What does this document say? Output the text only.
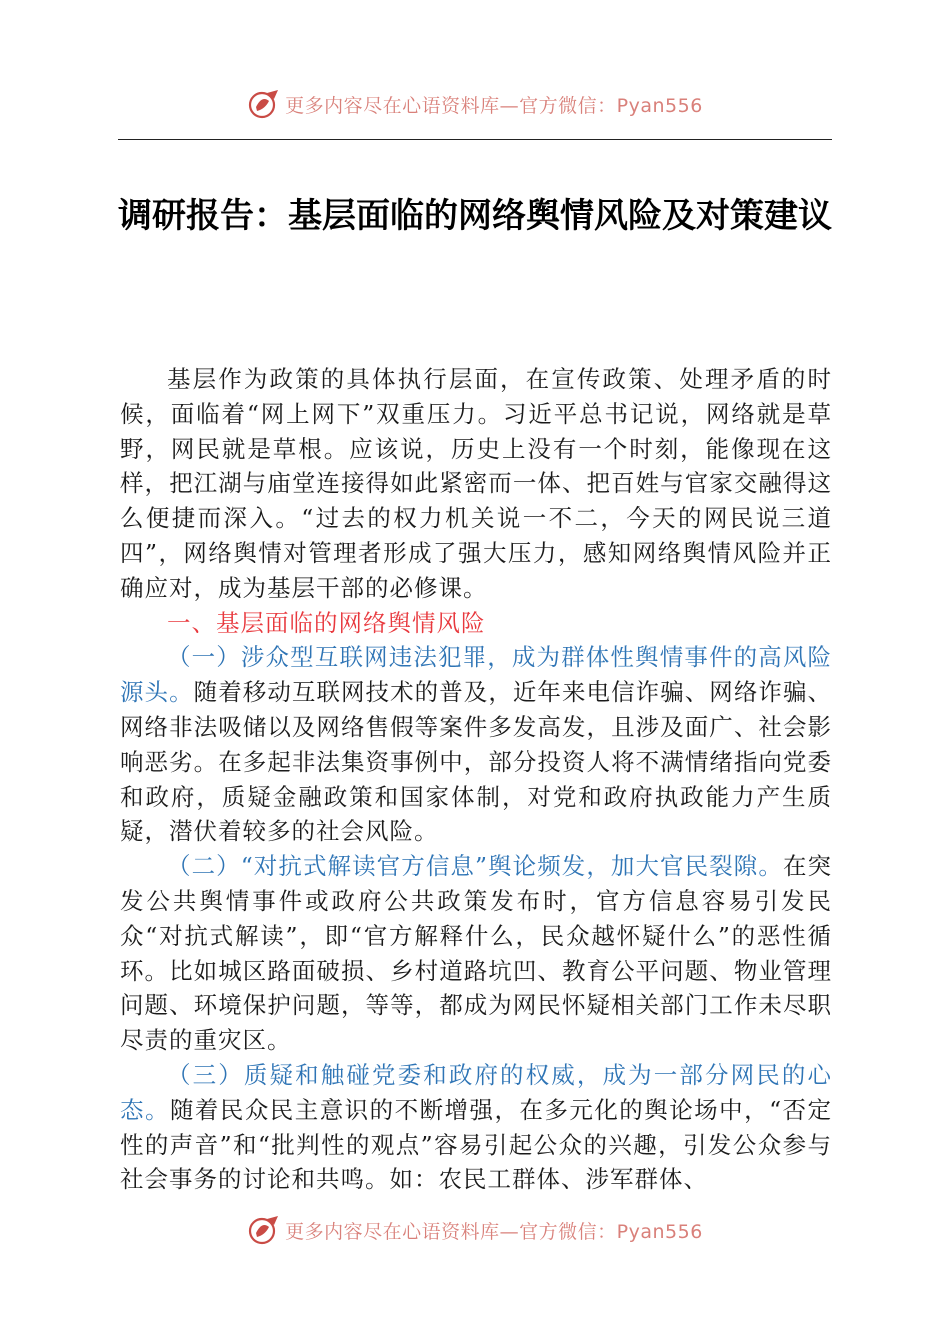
更多内容尽在心语资料库—官方微信：Pyan556
调研报告：基层面临的网络舆情风险及对策建议

基层作为政策的具体执行层面，在宣传政策、处理矛盾的时候，面临着“网上网下”双重压力。习近平总书记说，网络就是草野，网民就是草根。应该说，历史上没有一个时刻，能像现在这样，把江湖与庙堂连接得如此紧密而一体、把百姓与官家交融得这么便捷而深入。“过去的权力机关说一不二，今天的网民说三道四”，网络舆情对管理者形成了强大压力，感知网络舆情风险并正确应对，成为基层干部的必修课。

一、基层面临的网络舆情风险

（一）涉众型互联网违法犯罪，成为群体性舆情事件的高风险源头。随着移动互联网技术的普及，近年来电信诈骗、网络诈骗、网络非法吸储以及网络售假等案件多发高发，且涉及面广、社会影响恶劣。在多起非法集资事例中，部分投资人将不满情绪指向党委和政府，质疑金融政策和国家体制，对党和政府执政能力产生质疑，潜伏着较多的社会风险。

（二）“对抗式解读官方信息”舆论频发，加大官民裂隙。在突发公共舆情事件或政府公共政策发布时，官方信息容易引发民众“对抗式解读”，即“官方解释什么，民众越怀疑什么”的恶性循环。比如城区路面破损、乡村道路坑凹、教育公平问题、物业管理问题、环境保护问题，等等，都成为网民怀疑相关部门工作未尽职尽责的重灾区。

（三）质疑和触碰党委和政府的权威，成为一部分网民的心态。随着民众民主意识的不断增强，在多元化的舆论场中，“否定性的声音”和“批判性的观点”容易引起公众的兴趣，引发公众参与社会事务的讨论和共鸣。如：农民工群体、涉军群体、

更多内容尽在心语资料库—官方微信：Pyan556
